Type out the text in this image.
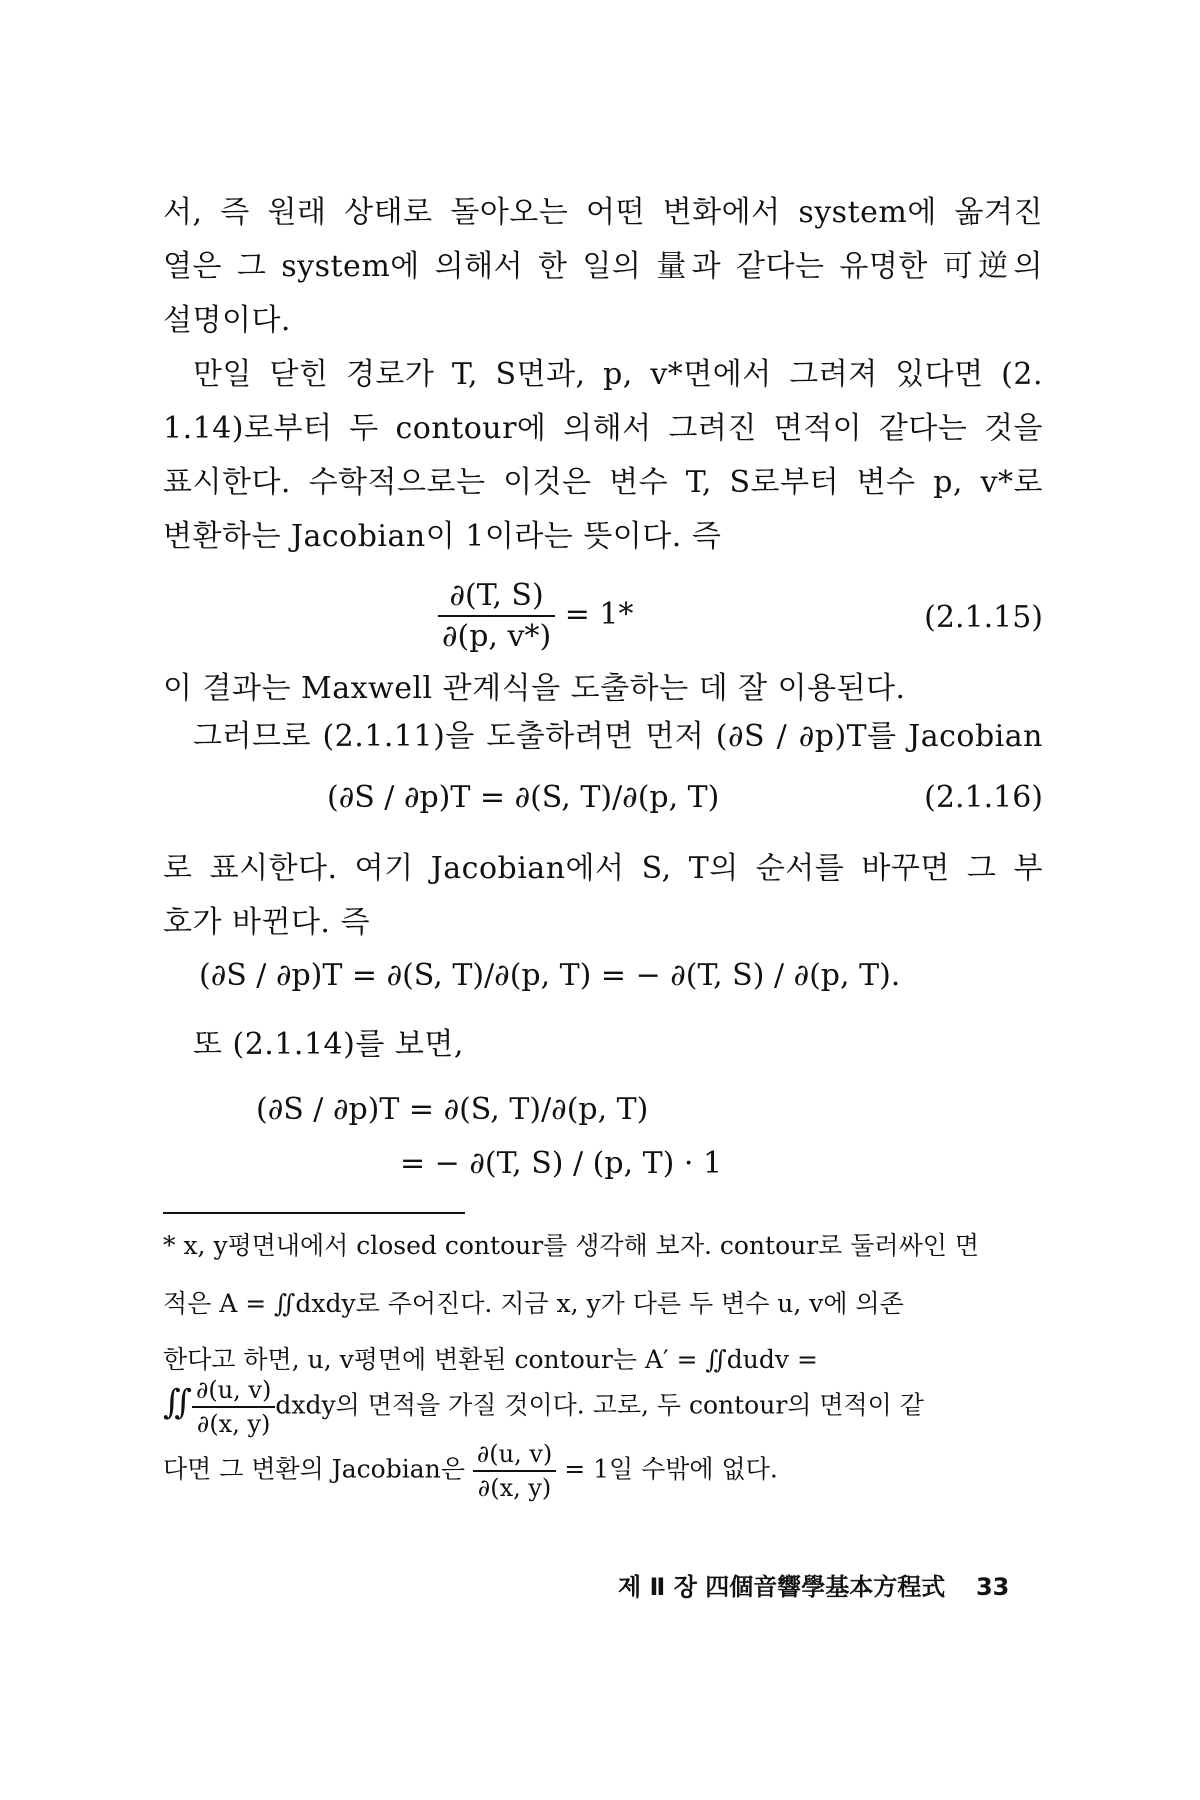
서, 즉 원래 상태로 돌아오는 어떤 변화에서 system에 옮겨진
열은 그 system에 의해서 한 일의 量과 같다는 유명한 可逆의
설명이다.
만일 닫힌 경로가 T, S면과, p, v*면에서 그려져 있다면 (2.
1.14)로부터 두 contour에 의해서 그려진 면적이 같다는 것을
표시한다. 수학적으로는 이것은 변수 T, S로부터 변수 p, v*로
변환하는 Jacobian이 1이라는 뜻이다. 즉
$\frac{\partial(T, S)}{\partial(p, v*)} = 1*$	(2.1.15)
이 결과는 Maxwell 관계식을 도출하는 데 잘 이용된다.
그러므로 (2.1.11)을 도출하려면 먼저 (∂S / ∂p)T를 Jacobian
(∂S / ∂p)T = ∂(S, T)/∂(p, T)	(2.1.16)
로 표시한다. 여기 Jacobian에서 S, T의 순서를 바꾸면 그 부
호가 바뀐다. 즉
(∂S / ∂p)T = ∂(S, T)/∂(p, T) = − ∂(T, S) / ∂(p, T).
또 (2.1.14)를 보면,
(∂S / ∂p)T = ∂(S, T)/∂(p, T)
= − ∂(T, S) / (p, T) · 1
* x, y평면내에서 closed contour를 생각해 보자. contour로 둘러싸인 면
적은 A = ∬dxdy로 주어진다. 지금 x, y가 다른 두 변수 u, v에 의존
한다고 하면, u, v평면에 변환된 contour는 A′ = ∬dudv =
∬ $\frac{\partial(u, v)}{\partial(x, y)}$ dxdy의 면적을 가질 것이다. 고로, 두 contour의 면적이 같
다면 그 변환의 Jacobian은 $\frac{\partial(u, v)}{\partial(x, y)} = 1$일 수밖에 없다.
제 Ⅱ 장 四個音響學基本方程式 33
